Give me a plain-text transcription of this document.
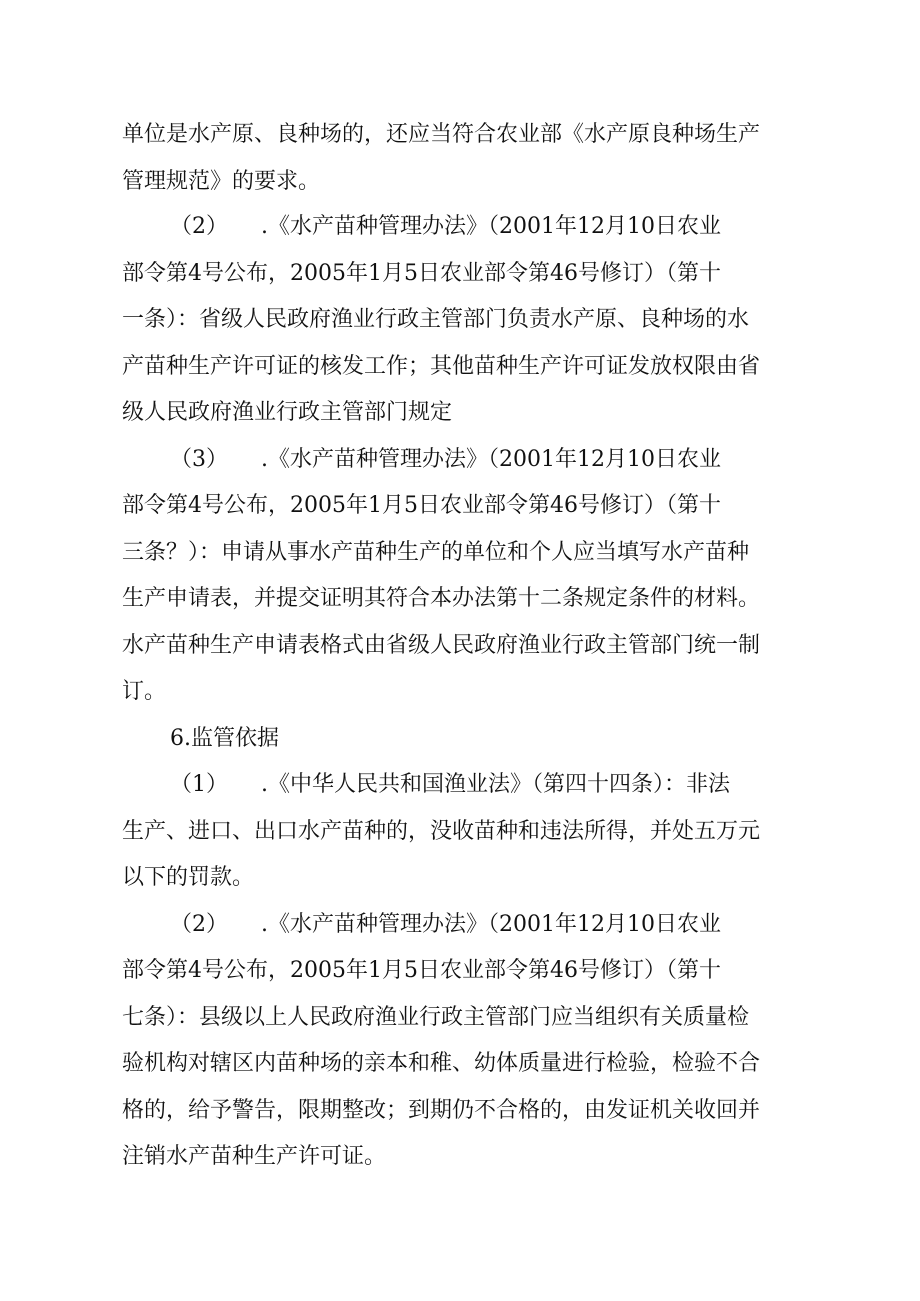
单位是水产原、良种场的，还应当符合农业部《水产原良种场生产
管理规范》的要求。
（2）　　.《水产苗种管理办法》（2001年12月10日农业
部令第4号公布，2005年1月5日农业部令第46号修订）（第十
一条）：省级人民政府渔业行政主管部门负责水产原、良种场的水
产苗种生产许可证的核发工作；其他苗种生产许可证发放权限由省
级人民政府渔业行政主管部门规定
（3）　　.《水产苗种管理办法》（2001年12月10日农业
部令第4号公布，2005年1月5日农业部令第46号修订）（第十
三条？）：申请从事水产苗种生产的单位和个人应当填写水产苗种
生产申请表，并提交证明其符合本办法第十二条规定条件的材料。
水产苗种生产申请表格式由省级人民政府渔业行政主管部门统一制
订。
6.监管依据
（1）　　.《中华人民共和国渔业法》（第四十四条）：非法
生产、进口、出口水产苗种的，没收苗种和违法所得，并处五万元
以下的罚款。
（2）　　.《水产苗种管理办法》（2001年12月10日农业
部令第4号公布，2005年1月5日农业部令第46号修订）（第十
七条）：县级以上人民政府渔业行政主管部门应当组织有关质量检
验机构对辖区内苗种场的亲本和稚、幼体质量进行检验，检验不合
格的，给予警告，限期整改；到期仍不合格的，由发证机关收回并
注销水产苗种生产许可证。
